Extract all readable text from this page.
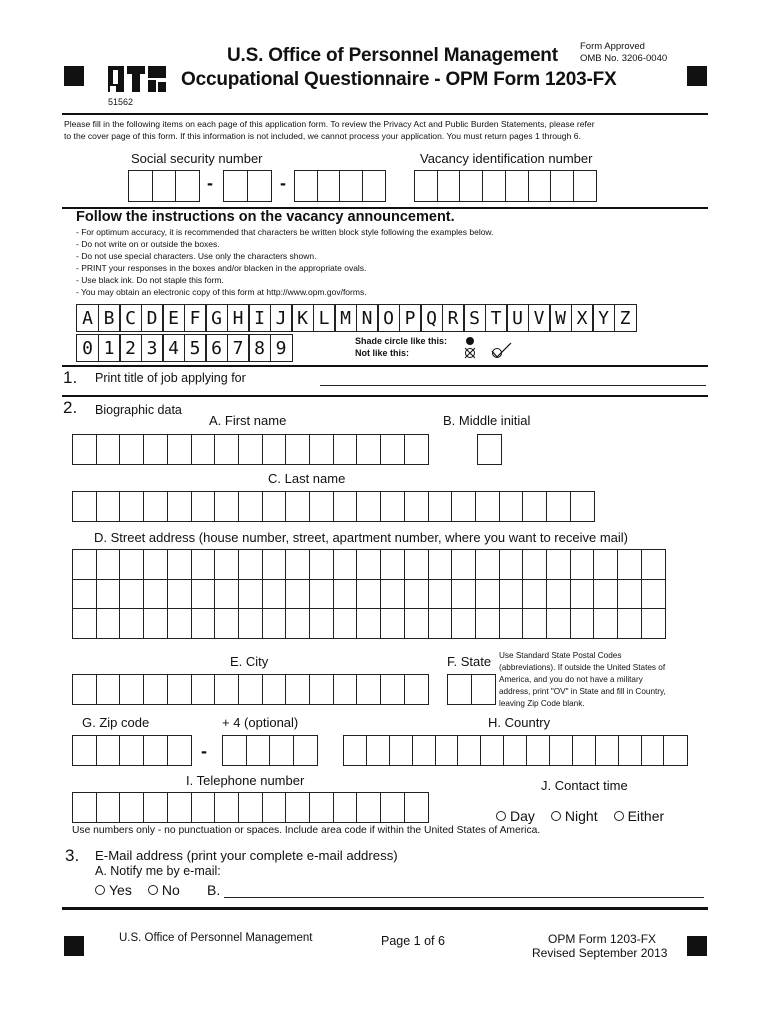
51562
U.S. Office of Personnel Management
Occupational Questionnaire - OPM Form 1203-FX
Form Approved
OMB No. 3206-0040
Please fill in the following items on each page of this application form. To review the Privacy Act and Public Burden Statements, please refer
to the cover page of this form. If this information is not included, we cannot process your application. You must return pages 1 through 6.
Social security number	Vacancy identification number
-	-
Follow the instructions on the vacancy announcement.
- For optimum accuracy, it is recommended that characters be written block style following the examples below.
- Do not write on or outside the boxes.
- Do not use special characters. Use only the characters shown.
- PRINT your responses in the boxes and/or blacken in the appropriate ovals.
- Use black ink. Do not staple this form.
- You may obtain an electronic copy of this form at http://www.opm.gov/forms.
A B C D E F G H I J K L M N O P Q R S T U V W X Y Z
0 1 2 3 4 5 6 7 8 9	Shade circle like this:
Not like this:
1. Print title of job applying for
2. Biographic data
A. First name	B. Middle initial
C. Last name
D. Street address (house number, street, apartment number, where you want to receive mail)
E. City	F. State Use Standard State Postal Codes
(abbreviations). If outside the United States of
America, and you do not have a military
address, print "OV" in State and fill in Country,
leaving Zip Code blank.
G. Zip code	+ 4 (optional)	H. Country
-
I. Telephone number	J. Contact time
Day Night Either
Use numbers only - no punctuation or spaces. Include area code if within the United States of America.
3. E-Mail address (print your complete e-mail address)
A. Notify me by e-mail:
Yes No B.
U.S. Office of Personnel Management	Page 1 of 6	OPM Form 1203-FX
Revised September 2013
